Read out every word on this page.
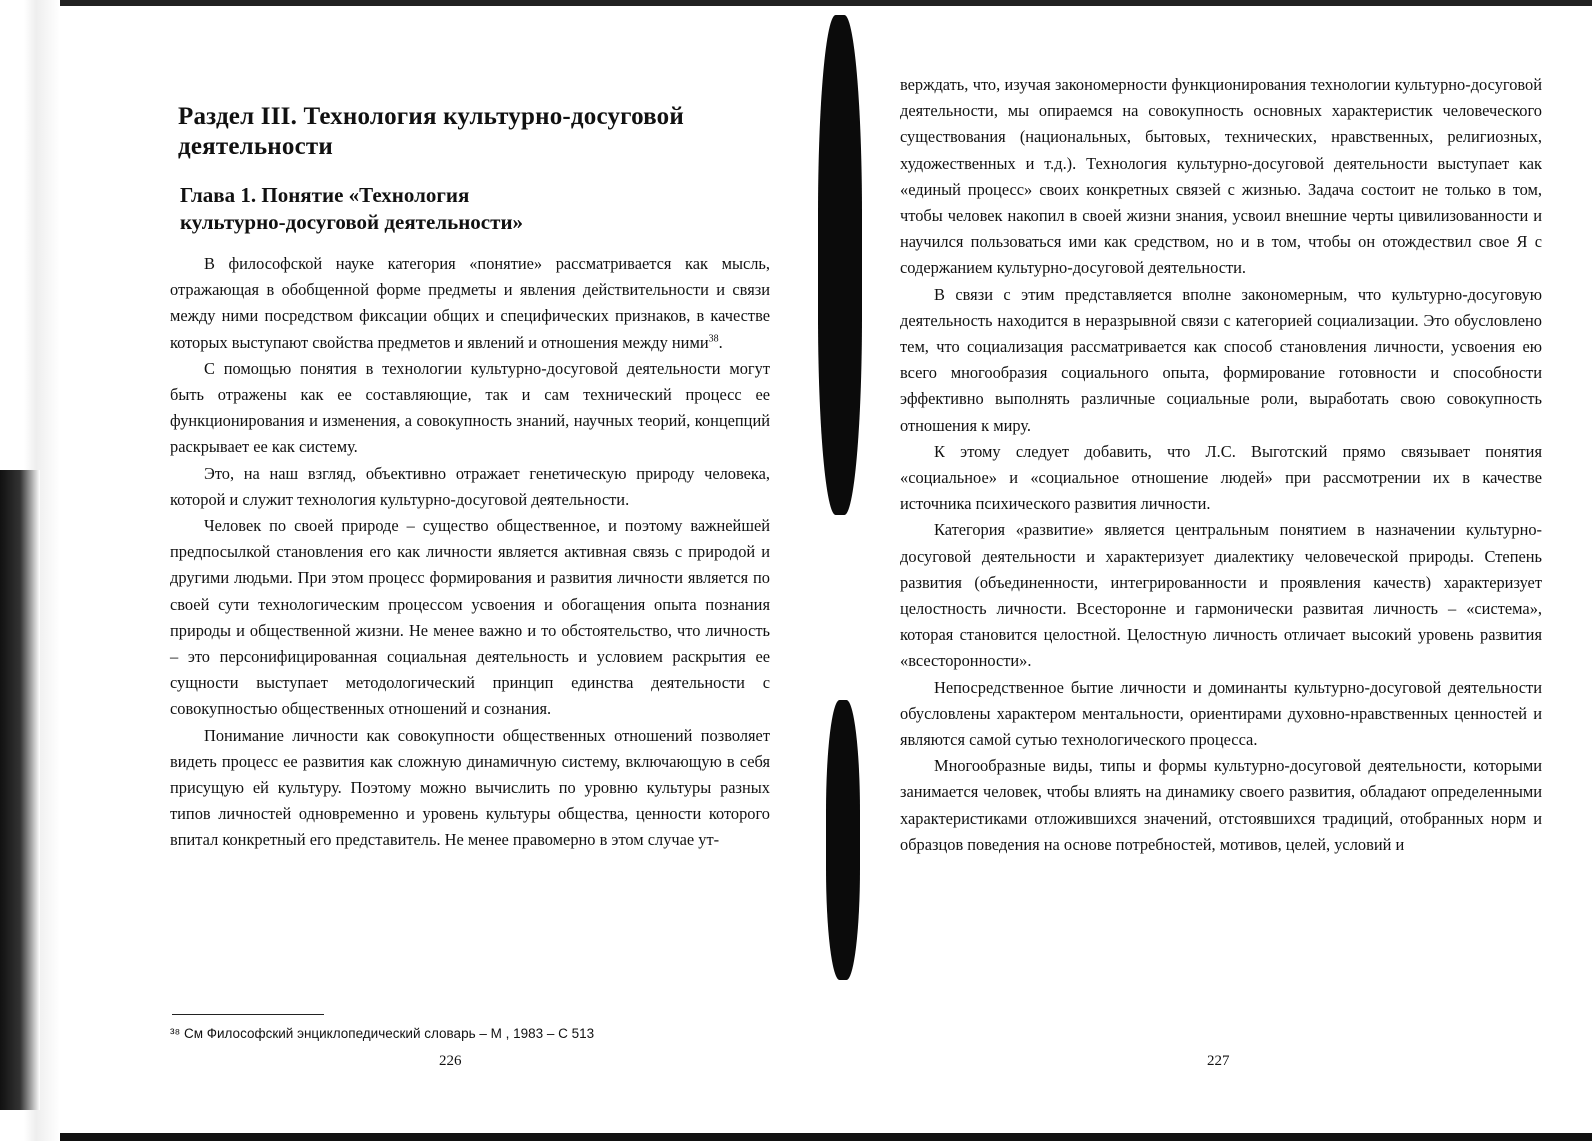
Раздел III. Технология культурно-досуговой деятельности
Глава 1. Понятие «Технология
культурно-досуговой деятельности»

В философской науке категория «понятие» рассматривается как мысль, отражающая в обобщенной форме предметы и явления действительности и связи между ними посредством фиксации общих и специфических признаков, в качестве которых выступают свойства предметов и явлений и отношения между ними$^{38}$.

С помощью понятия в технологии культурно-досуговой деятельности могут быть отражены как ее составляющие, так и сам технический процесс ее функционирования и изменения, а совокупность знаний, научных теорий, концепций раскрывает ее как систему.

Это, на наш взгляд, объективно отражает генетическую природу человека, которой и служит технология культурно-досуговой деятельности.

Человек по своей природе – существо общественное, и поэтому важнейшей предпосылкой становления его как личности является активная связь с природой и другими людьми. При этом процесс формирования и развития личности является по своей сути технологическим процессом усвоения и обогащения опыта познания природы и общественной жизни. Не менее важно и то обстоятельство, что личность – это персонифицированная социальная деятельность и условием раскрытия ее сущности выступает методологический принцип единства деятельности с совокупностью общественных отношений и сознания.

Понимание личности как совокупности общественных отношений позволяет видеть процесс ее развития как сложную динамичную систему, включающую в себя присущую ей культуру. Поэтому можно вычислить по уровню культуры разных типов личностей одновременно и уровень культуры общества, ценности которого впитал конкретный его представитель. Не менее правомерно в этом случае ут-

³⁸ См Философский энциклопедический словарь – М , 1983 – С 513
226

верждать, что, изучая закономерности функционирования технологии культурно-досуговой деятельности, мы опираемся на совокупность основных характеристик человеческого существования (национальных, бытовых, технических, нравственных, религиозных, художественных и т.д.). Технология культурно-досуговой деятельности выступает как «единый процесс» своих конкретных связей с жизнью. Задача состоит не только в том, чтобы человек накопил в своей жизни знания, усвоил внешние черты цивилизованности и научился пользоваться ими как средством, но и в том, чтобы он отождествил свое Я с содержанием культурно-досуговой деятельности.

В связи с этим представляется вполне закономерным, что культурно-досуговую деятельность находится в неразрывной связи с категорией социализации. Это обусловлено тем, что социализация рассматривается как способ становления личности, усвоения ею всего многообразия социального опыта, формирование готовности и способности эффективно выполнять различные социальные роли, выработать свою совокупность отношения к миру.

К этому следует добавить, что Л.С. Выготский прямо связывает понятия «социальное» и «социальное отношение людей» при рассмотрении их в качестве источника психического развития личности.

Категория «развитие» является центральным понятием в назначении культурно-досуговой деятельности и характеризует диалектику человеческой природы. Степень развития (объединенности, интегрированности и проявления качеств) характеризует целостность личности. Всесторонне и гармонически развитая личность – «система», которая становится целостной. Целостную личность отличает высокий уровень развития «всесторонности».

Непосредственное бытие личности и доминанты культурно-досуговой деятельности обусловлены характером ментальности, ориентирами духовно-нравственных ценностей и являются самой сутью технологического процесса.

Многообразные виды, типы и формы культурно-досуговой деятельности, которыми занимается человек, чтобы влиять на динамику своего развития, обладают определенными характеристиками отложившихся значений, отстоявшихся традиций, отобранных норм и образцов поведения на основе потребностей, мотивов, целей, условий и

227
